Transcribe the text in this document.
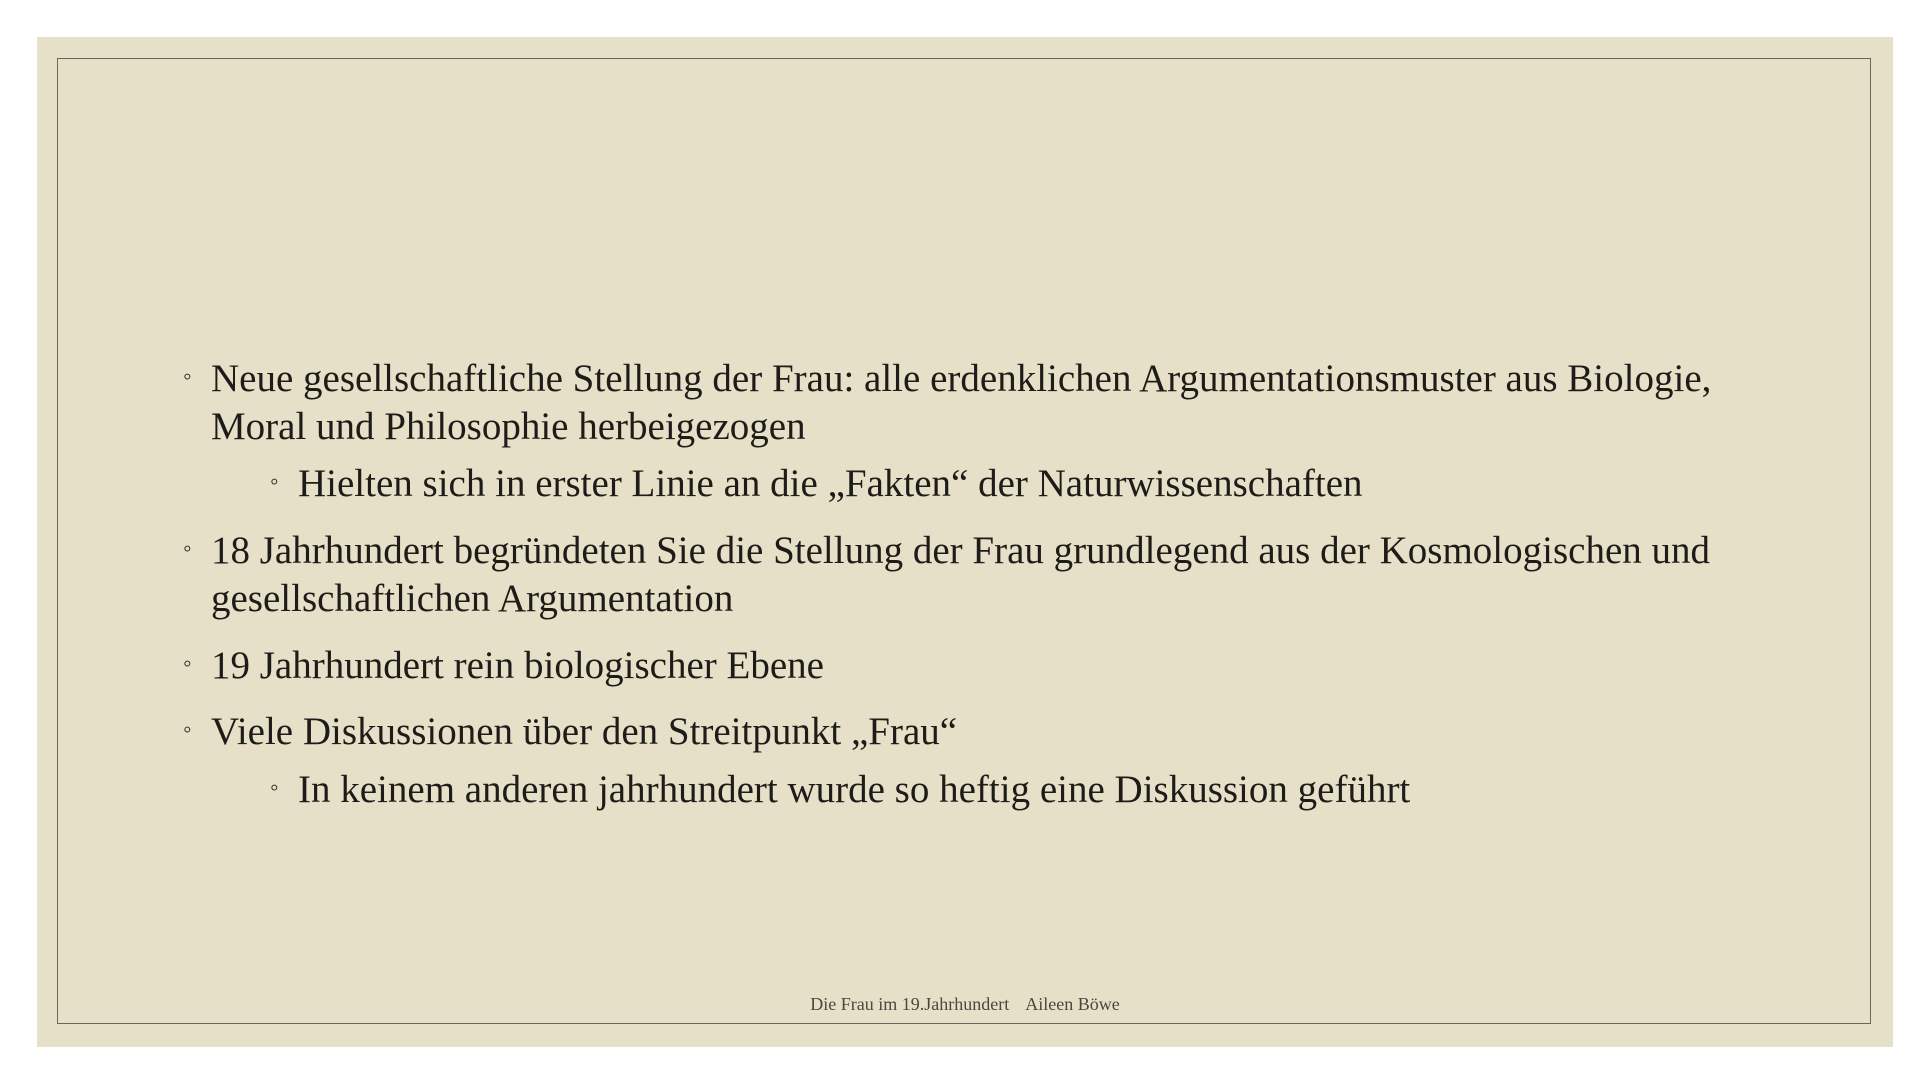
◦ Neue gesellschaftliche Stellung der Frau: alle erdenklichen Argumentationsmuster aus Biologie,
Moral und Philosophie herbeigezogen
◦ Hielten sich in erster Linie an die „Fakten“ der Naturwissenschaften
◦ 18 Jahrhundert begründeten Sie die Stellung der Frau grundlegend aus der Kosmologischen und
gesellschaftlichen Argumentation
◦ 19 Jahrhundert rein biologischer Ebene
◦ Viele Diskussionen über den Streitpunkt „Frau“
◦ In keinem anderen jahrhundert wurde so heftig eine Diskussion geführt
Die Frau im 19.Jahrhundert Aileen Böwe
